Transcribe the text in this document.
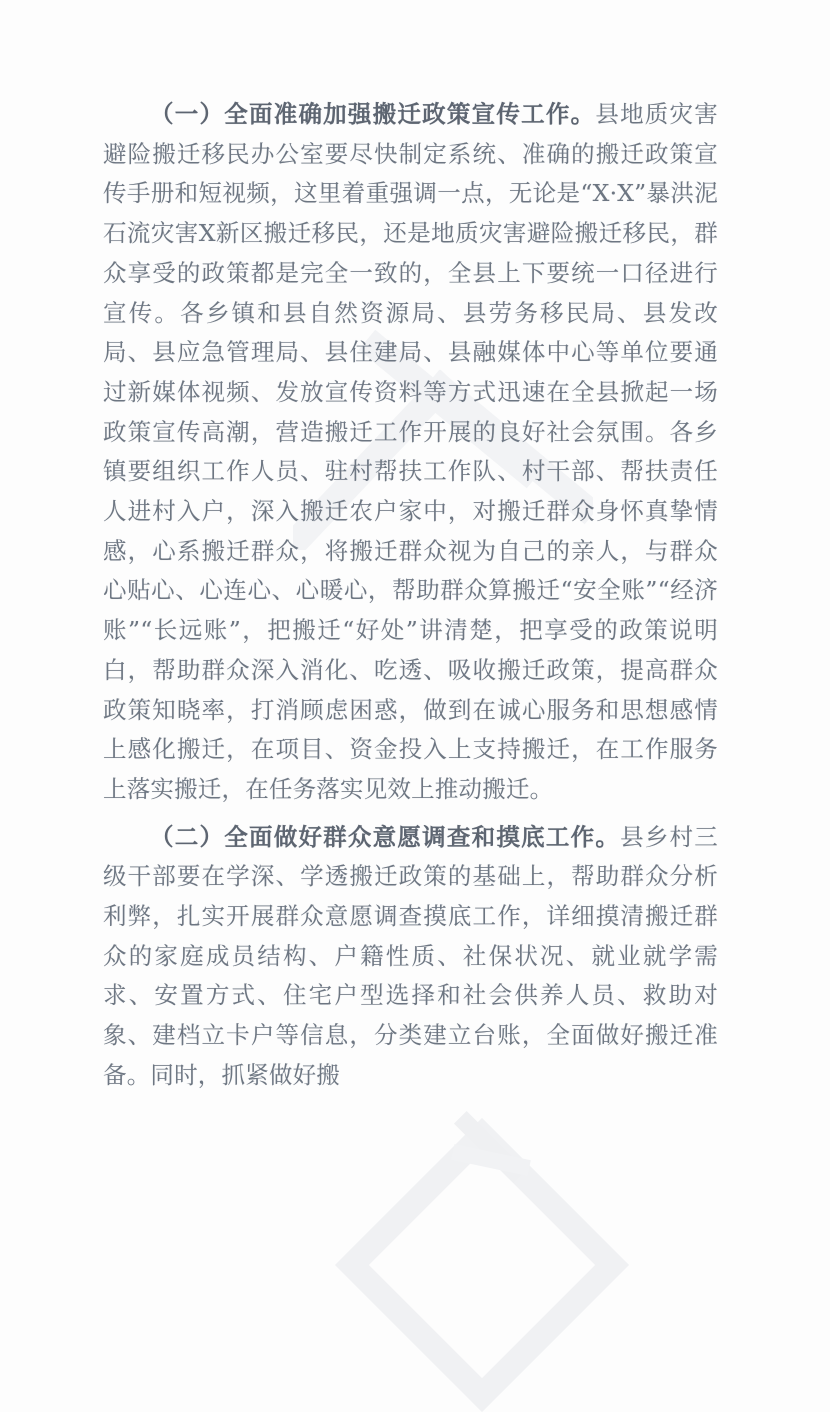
（一）全面准确加强搬迁政策宣传工作。县地质灾害避险搬迁移民办公室要尽快制定系统、准确的搬迁政策宣传手册和短视频，这里着重强调一点，无论是“X·X”暴洪泥石流灾害X新区搬迁移民，还是地质灾害避险搬迁移民，群众享受的政策都是完全一致的，全县上下要统一口径进行宣传。各乡镇和县自然资源局、县劳务移民局、县发改局、县应急管理局、县住建局、县融媒体中心等单位要通过新媒体视频、发放宣传资料等方式迅速在全县掀起一场政策宣传高潮，营造搬迁工作开展的良好社会氛围。各乡镇要组织工作人员、驻村帮扶工作队、村干部、帮扶责任人进村入户，深入搬迁农户家中，对搬迁群众身怀真挚情感，心系搬迁群众，将搬迁群众视为自己的亲人，与群众心贴心、心连心、心暖心，帮助群众算搬迁“安全账”“经济账”“长远账”，把搬迁“好处”讲清楚，把享受的政策说明白，帮助群众深入消化、吃透、吸收搬迁政策，提高群众政策知晓率，打消顾虑困惑，做到在诚心服务和思想感情上感化搬迁，在项目、资金投入上支持搬迁，在工作服务上落实搬迁，在任务落实见效上推动搬迁。

（二）全面做好群众意愿调查和摸底工作。县乡村三级干部要在学深、学透搬迁政策的基础上，帮助群众分析利弊，扎实开展群众意愿调查摸底工作，详细摸清搬迁群众的家庭成员结构、户籍性质、社保状况、就业就学需求、安置方式、住宅户型选择和社会供养人员、救助对象、建档立卡户等信息，分类建立台账，全面做好搬迁准备。同时，抓紧做好搬
